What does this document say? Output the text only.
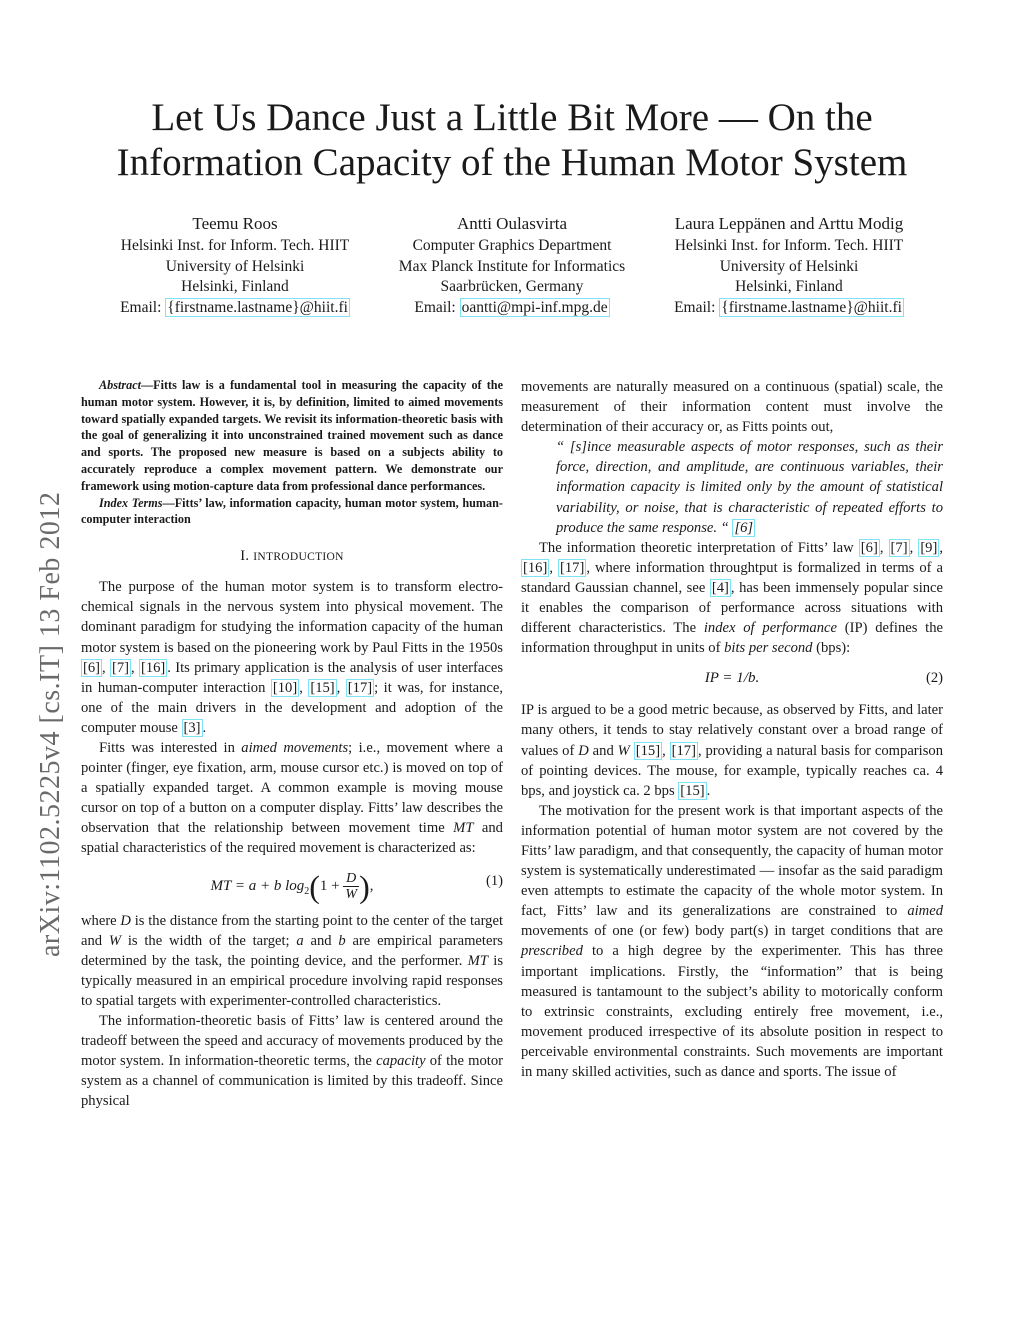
Let Us Dance Just a Little Bit More — On the
Information Capacity of the Human Motor System
Teemu Roos
Helsinki Inst. for Inform. Tech. HIIT
University of Helsinki
Helsinki, Finland
Email: {firstname.lastname}@hiit.fi
Antti Oulasvirta
Computer Graphics Department
Max Planck Institute for Informatics
Saarbrücken, Germany
Email: oantti@mpi-inf.mpg.de
Laura Leppänen and Arttu Modig
Helsinki Inst. for Inform. Tech. HIIT
University of Helsinki
Helsinki, Finland
Email: {firstname.lastname}@hiit.fi
arXiv:1102.5225v4 [cs.IT] 13 Feb 2012

Abstract—Fitts law is a fundamental tool in measuring the capacity of the human motor system. However, it is, by definition, limited to aimed movements toward spatially expanded targets. We revisit its information-theoretic basis with the goal of generalizing it into unconstrained trained movement such as dance and sports. The proposed new measure is based on a subjects ability to accurately reproduce a complex movement pattern. We demonstrate our framework using motion-capture data from professional dance performances.

Index Terms—Fitts’ law, information capacity, human motor system, human-computer interaction

I. INTRODUCTION

The purpose of the human motor system is to transform electro-chemical signals in the nervous system into physical movement. The dominant paradigm for studying the information capacity of the human motor system is based on the pioneering work by Paul Fitts in the 1950s [6] , [7] , [16] . Its primary application is the analysis of user interfaces in human-computer interaction [10] , [15] , [17] ; it was, for instance, one of the main drivers in the development and adoption of the computer mouse [3] .

Fitts was interested in aimed movements; i.e., movement where a pointer (finger, eye fixation, arm, mouse cursor etc.) is moved on top of a spatially expanded target. A common example is moving mouse cursor on top of a button on a computer display. Fitts’ law describes the observation that the relationship between movement time MT and spatial characteristics of the required movement is characterized as:

MT = a + b $\log_2(1 + \frac{D}{W}$ ),	(1)

where D is the distance from the starting point to the center of the target and W is the width of the target; a and b are empirical parameters determined by the task, the pointing device, and the performer. MT is typically measured in an empirical procedure involving rapid responses to spatial targets with experimenter-controlled characteristics.

The information-theoretic basis of Fitts’ law is centered around the tradeoff between the speed and accuracy of movements produced by the motor system. In information-theoretic terms, the capacity of the motor system as a channel of communication is limited by this tradeoff. Since physical

movements are naturally measured on a continuous (spatial) scale, the measurement of their information content must involve the determination of their accuracy or, as Fitts points out,

“ [s]ince measurable aspects of motor responses, such as their force, direction, and amplitude, are continuous variables, their information capacity is limited only by the amount of statistical variability, or noise, that is characteristic of repeated efforts to produce the same response. “ [6]

The information theoretic interpretation of Fitts’ law [6] , [7] , [9] , [16] , [17] , where information throughtput is formalized in terms of a standard Gaussian channel, see [4] , has been immensely popular since it enables the comparison of performance across situations with different characteristics. The index of performance (IP) defines the information throughput in units of bits per second (bps):

IP = 1/b.	(2)

IP is argued to be a good metric because, as observed by Fitts, and later many others, it tends to stay relatively constant over a broad range of values of D and W [15] , [17] , providing a natural basis for comparison of pointing devices. The mouse, for example, typically reaches ca. 4 bps, and joystick ca. 2 bps [15] .

The motivation for the present work is that important aspects of the information potential of human motor system are not covered by the Fitts’ law paradigm, and that consequently, the capacity of human motor system is systematically underestimated — insofar as the said paradigm even attempts to estimate the capacity of the whole motor system. In fact, Fitts’ law and its generalizations are constrained to aimed movements of one (or few) body part(s) in target conditions that are prescribed to a high degree by the experimenter. This has three important implications. Firstly, the “information” that is being measured is tantamount to the subject’s ability to motorically conform to extrinsic constraints, excluding entirely free movement, i.e., movement produced irrespective of its absolute position in respect to perceivable environmental constraints. Such movements are important in many skilled activities, such as dance and sports. The issue of
